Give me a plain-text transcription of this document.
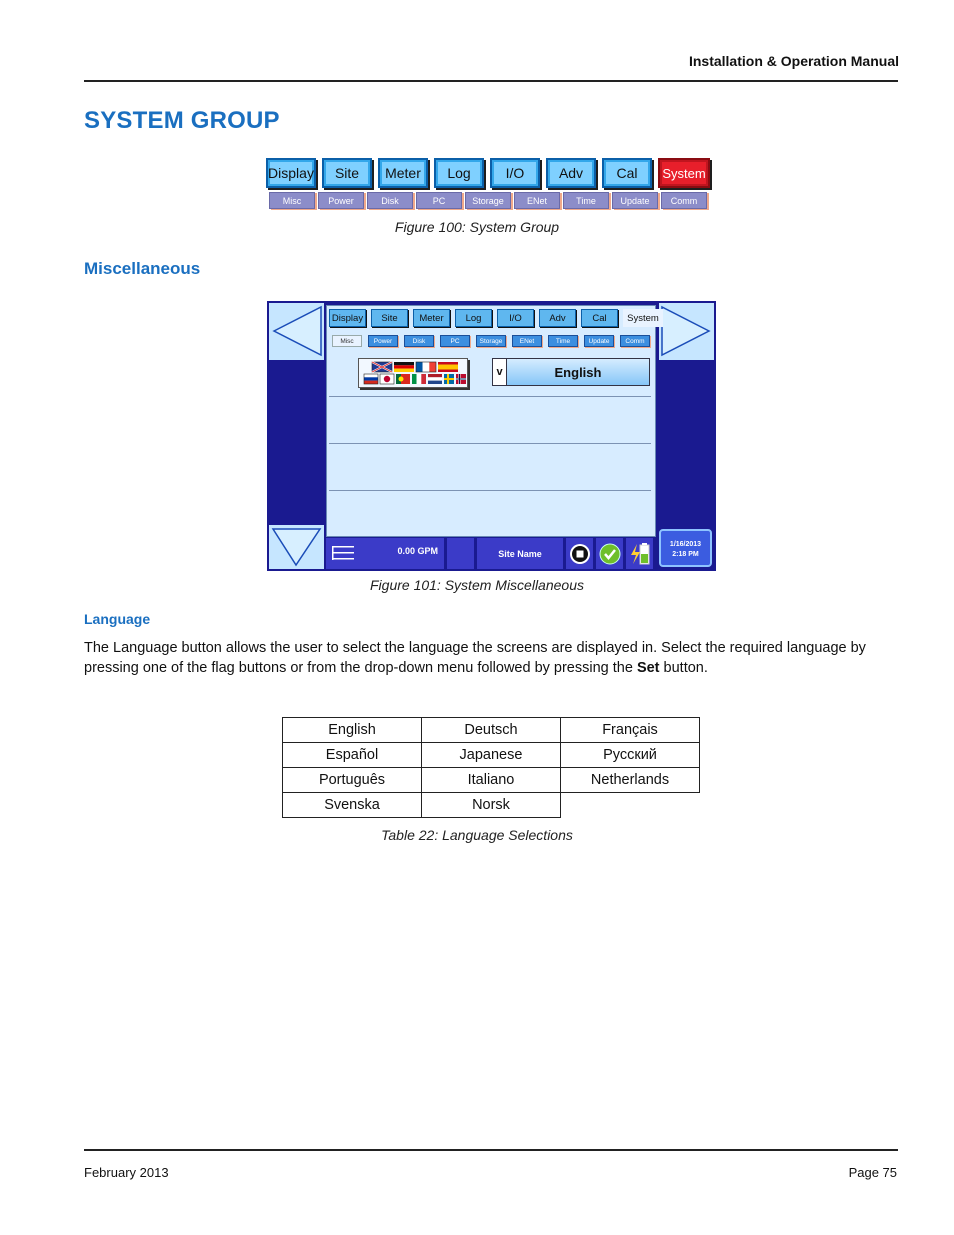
Installation & Operation Manual
SYSTEM GROUP
Display	Site	Meter	Log	I/O	Adv	Cal	System
Misc	Power	Disk	PC	Storage	ENet	Time	Update	Comm
Figure 100: System Group
Miscellaneous
Display	Site	Meter	Log	I/O	Adv	Cal	System
Misc	Power	Disk	PC	Storage	ENet	Time	Update	Comm
v	English
0.00 GPM	Site Name
1/16/2013
2:18 PM
Figure 101: System Miscellaneous
Language
The Language button allows the user to select the language the screens are displayed in. Select the required language by pressing one of the flag buttons or from the drop-down menu followed by pressing the Set button.
English	Deutsch	Français
Español	Japanese	Русский
Português	Italiano	Netherlands
Svenska	Norsk	
Table 22: Language Selections
February 2013	Page 75
